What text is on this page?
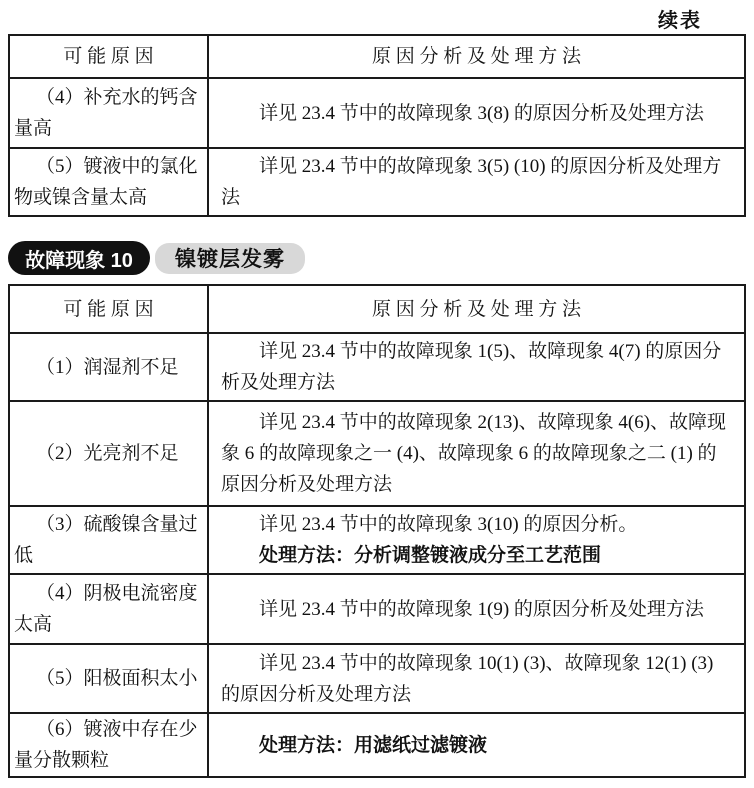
续表
可 能 原 因	原 因 分 析 及 处 理 方 法

（4）补充水的钙含量高	详见 23.4 节中的故障现象 3(8) 的原因分析及处理方法

（5）镀液中的氯化物或镍含量太高	详见 23.4 节中的故障现象 3(5) (10) 的原因分析及处理方法

故障现象 10 镍镀层发雾
可 能 原 因	原 因 分 析 及 处 理 方 法

（1）润湿剂不足	详见 23.4 节中的故障现象 1(5)、故障现象 4(7) 的原因分析及处理方法

（2）光亮剂不足	详见 23.4 节中的故障现象 2(13)、故障现象 4(6)、故障现象 6 的故障现象之一 (4)、故障现象 6 的故障现象之二 (1) 的原因分析及处理方法

（3）硫酸镍含量过低	详见 23.4 节中的故障现象 3(10) 的原因分析。

处理方法：分析调整镀液成分至工艺范围

（4）阴极电流密度太高	详见 23.4 节中的故障现象 1(9) 的原因分析及处理方法

（5）阳极面积太小	详见 23.4 节中的故障现象 10(1) (3)、故障现象 12(1) (3) 的原因分析及处理方法

（6）镀液中存在少量分散颗粒	处理方法：用滤纸过滤镀液
